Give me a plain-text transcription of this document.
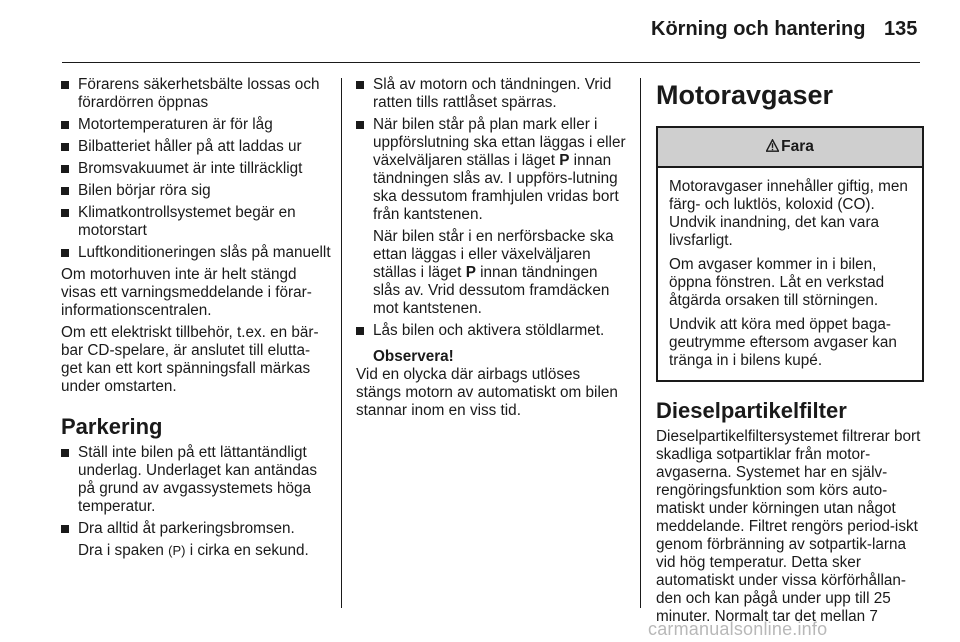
Körning och hantering 135
Förarens säkerhetsbälte lossas och förardörren öppnas
Motortemperaturen är för låg
Bilbatteriet håller på att laddas ur
Bromsvakuumet är inte tillräckligt
Bilen börjar röra sig
Klimatkontrollsystemet begär en motorstart
Luftkonditioneringen slås på manuellt

Om motorhuven inte är helt stängd visas ett varningsmeddelande i förar-informationscentralen.

Om ett elektriskt tillbehör, t.ex. en bär-bar CD-spelare, är anslutet till elutta-get kan ett kort spänningsfall märkas under omstarten.

Parkering
Ställ inte bilen på ett lättantändligt underlag. Underlaget kan antändas på grund av avgassystemets höga temperatur.
Dra alltid åt parkeringsbromsen.

Dra i spaken (P) i cirka en sekund.

Slå av motorn och tändningen. Vrid ratten tills rattlåset spärras.
När bilen står på plan mark eller i uppförslutning ska ettan läggas i eller växelväljaren ställas i läget P innan tändningen slås av. I uppförs-lutning ska dessutom framhjulen vridas bort från kantstenen.

När bilen står i en nerförsbacke ska ettan läggas i eller växelväljaren ställas i läget P innan tändningen slås av. Vrid dessutom framdäcken mot kantstenen.

Lås bilen och aktivera stöldlarmet.
Observera!
Vid en olycka där airbags utlöses stängs motorn av automatiskt om bilen stannar inom en viss tid.
Motoravgaser
Fara

Motoravgaser innehåller giftig, men färg- och luktlös, koloxid (CO). Undvik inandning, det kan vara livsfarligt.

Om avgaser kommer in i bilen, öppna fönstren. Låt en verkstad åtgärda orsaken till störningen.

Undvik att köra med öppet baga-geutrymme eftersom avgaser kan tränga in i bilens kupé.

Dieselpartikelfilter

Dieselpartikelfiltersystemet filtrerar bort skadliga sotpartiklar från motor-avgaserna. Systemet har en själv-rengöringsfunktion som körs auto-matiskt under körningen utan något meddelande. Filtret rengörs period-iskt genom förbränning av sotpartik-larna vid hög temperatur. Detta sker automatiskt under vissa körförhållan-den och kan pågå under upp till 25 minuter. Normalt tar det mellan 7

carmanualsonline.info
